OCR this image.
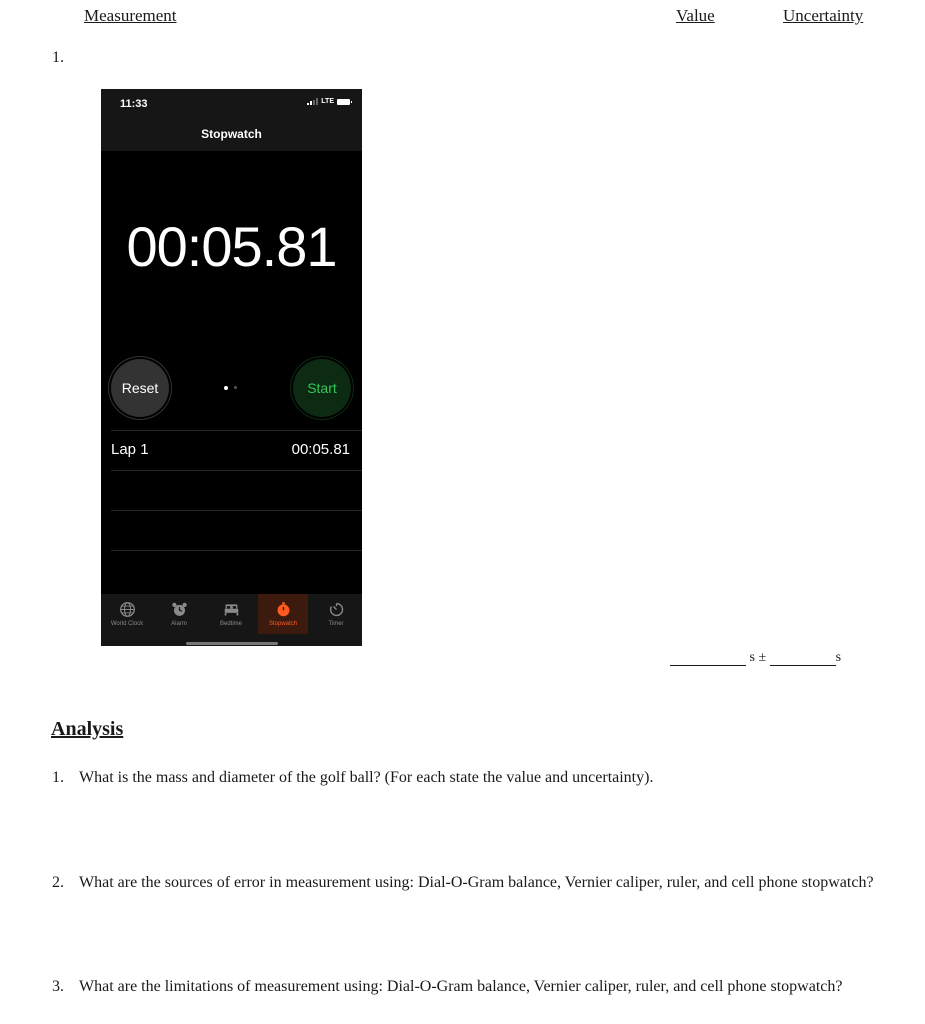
Measurement	Value	Uncertainty
1.
11:33	LTE
Stopwatch
00:05.81
Reset	Start
Lap 1	00:05.81
World Clock	Alarm	Bedtime	Stopwatch	Timer
s ±	s
Analysis
1. What is the mass and diameter of the golf ball? (For each state the value and uncertainty).
2. What are the sources of error in measurement using: Dial-O-Gram balance, Vernier caliper, ruler, and cell phone stopwatch?
3. What are the limitations of measurement using: Dial-O-Gram balance, Vernier caliper, ruler, and cell phone stopwatch?
